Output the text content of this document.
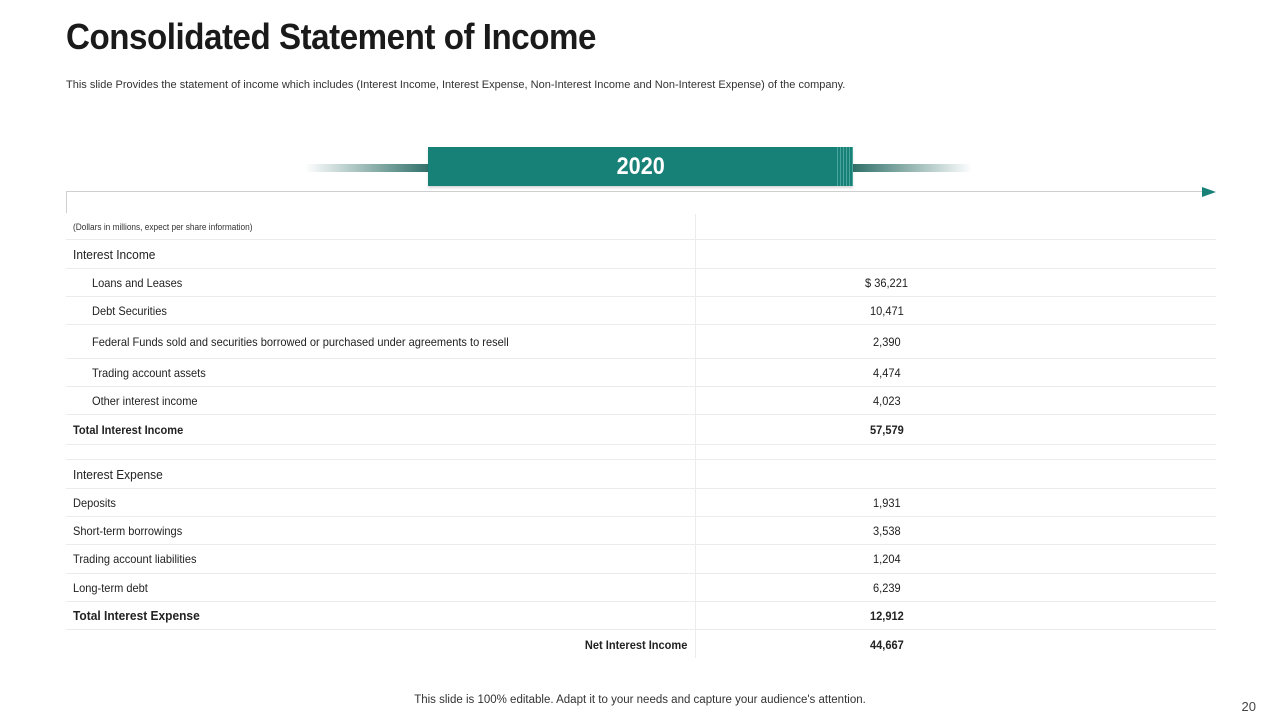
Consolidated Statement of Income
This slide Provides the statement of income which includes (Interest Income, Interest Expense, Non-Interest Income and Non-Interest Expense) of the company.
2020
(Dollars in millions, expect per share information)
Interest Income
Loans and Leases	$ 36,221
Debt Securities	10,471
Federal Funds sold and securities borrowed or purchased under agreements to resell	2,390
Trading account assets	4,474
Other interest income	4,023
Total Interest Income	57,579
Interest Expense
Deposits	1,931
Short-term borrowings	3,538
Trading account liabilities	1,204
Long-term debt	6,239
Total Interest Expense	12,912
Net Interest Income	44,667
This slide is 100% editable. Adapt it to your needs and capture your audience's attention.	20
